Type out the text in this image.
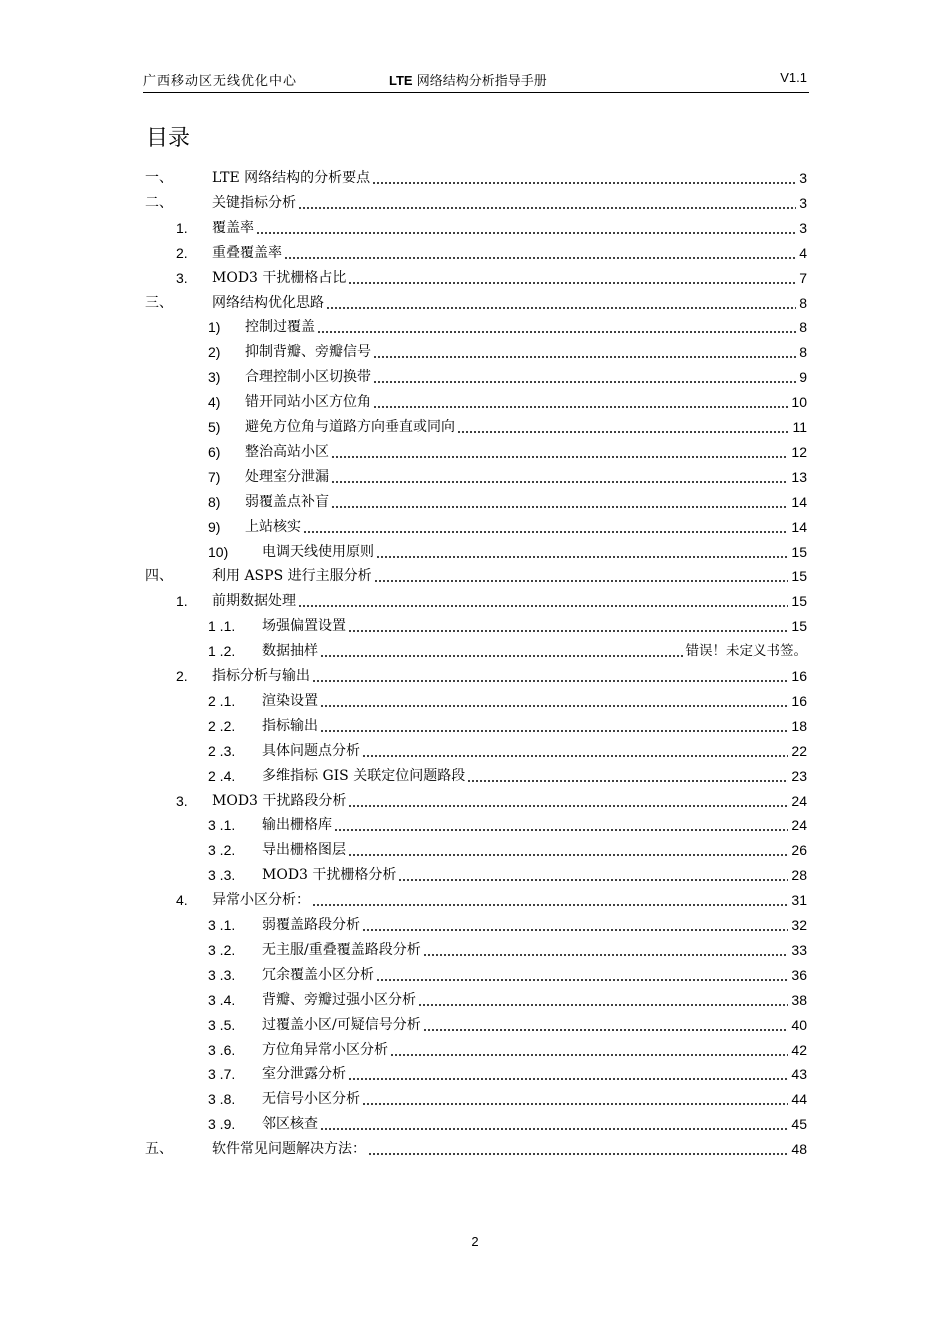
广西移动区无线优化中心	LTE 网络结构分析指导手册	V1.1
目录
一、	LTE 网络结构的分析要点	3
二、	关键指标分析	3
1. 覆盖率	3
2. 重叠覆盖率	4
3. MOD3 干扰栅格占比	7
三、	网络结构优化思路	8
1) 控制过覆盖	8
2) 抑制背瓣、旁瓣信号	8
3) 合理控制小区切换带	9
4) 错开同站小区方位角	10
5) 避免方位角与道路方向垂直或同向	11
6) 整治高站小区	12
7) 处理室分泄漏	13
8) 弱覆盖点补盲	14
9) 上站核实	14
10) 电调天线使用原则	15
四、	利用 ASPS 进行主服分析	15
1. 前期数据处理	15
1 .1. 场强偏置设置	15
1 .2. 数据抽样	错误！未定义书签。
2. 指标分析与输出	16
2 .1. 渲染设置	16
2 .2. 指标输出	18
2 .3. 具体问题点分析	22
2 .4. 多维指标 GIS 关联定位问题路段	23
3. MOD3 干扰路段分析	24
3 .1. 输出栅格库	24
3 .2. 导出栅格图层	26
3 .3. MOD3 干扰栅格分析	28
4. 异常小区分析：	31
3 .1. 弱覆盖路段分析	32
3 .2. 无主服/重叠覆盖路段分析	33
3 .3. 冗余覆盖小区分析	36
3 .4. 背瓣、旁瓣过强小区分析	38
3 .5. 过覆盖小区/可疑信号分析	40
3 .6. 方位角异常小区分析	42
3 .7. 室分泄露分析	43
3 .8. 无信号小区分析	44
3 .9. 邻区核查	45
五、	软件常见问题解决方法：	48
2
